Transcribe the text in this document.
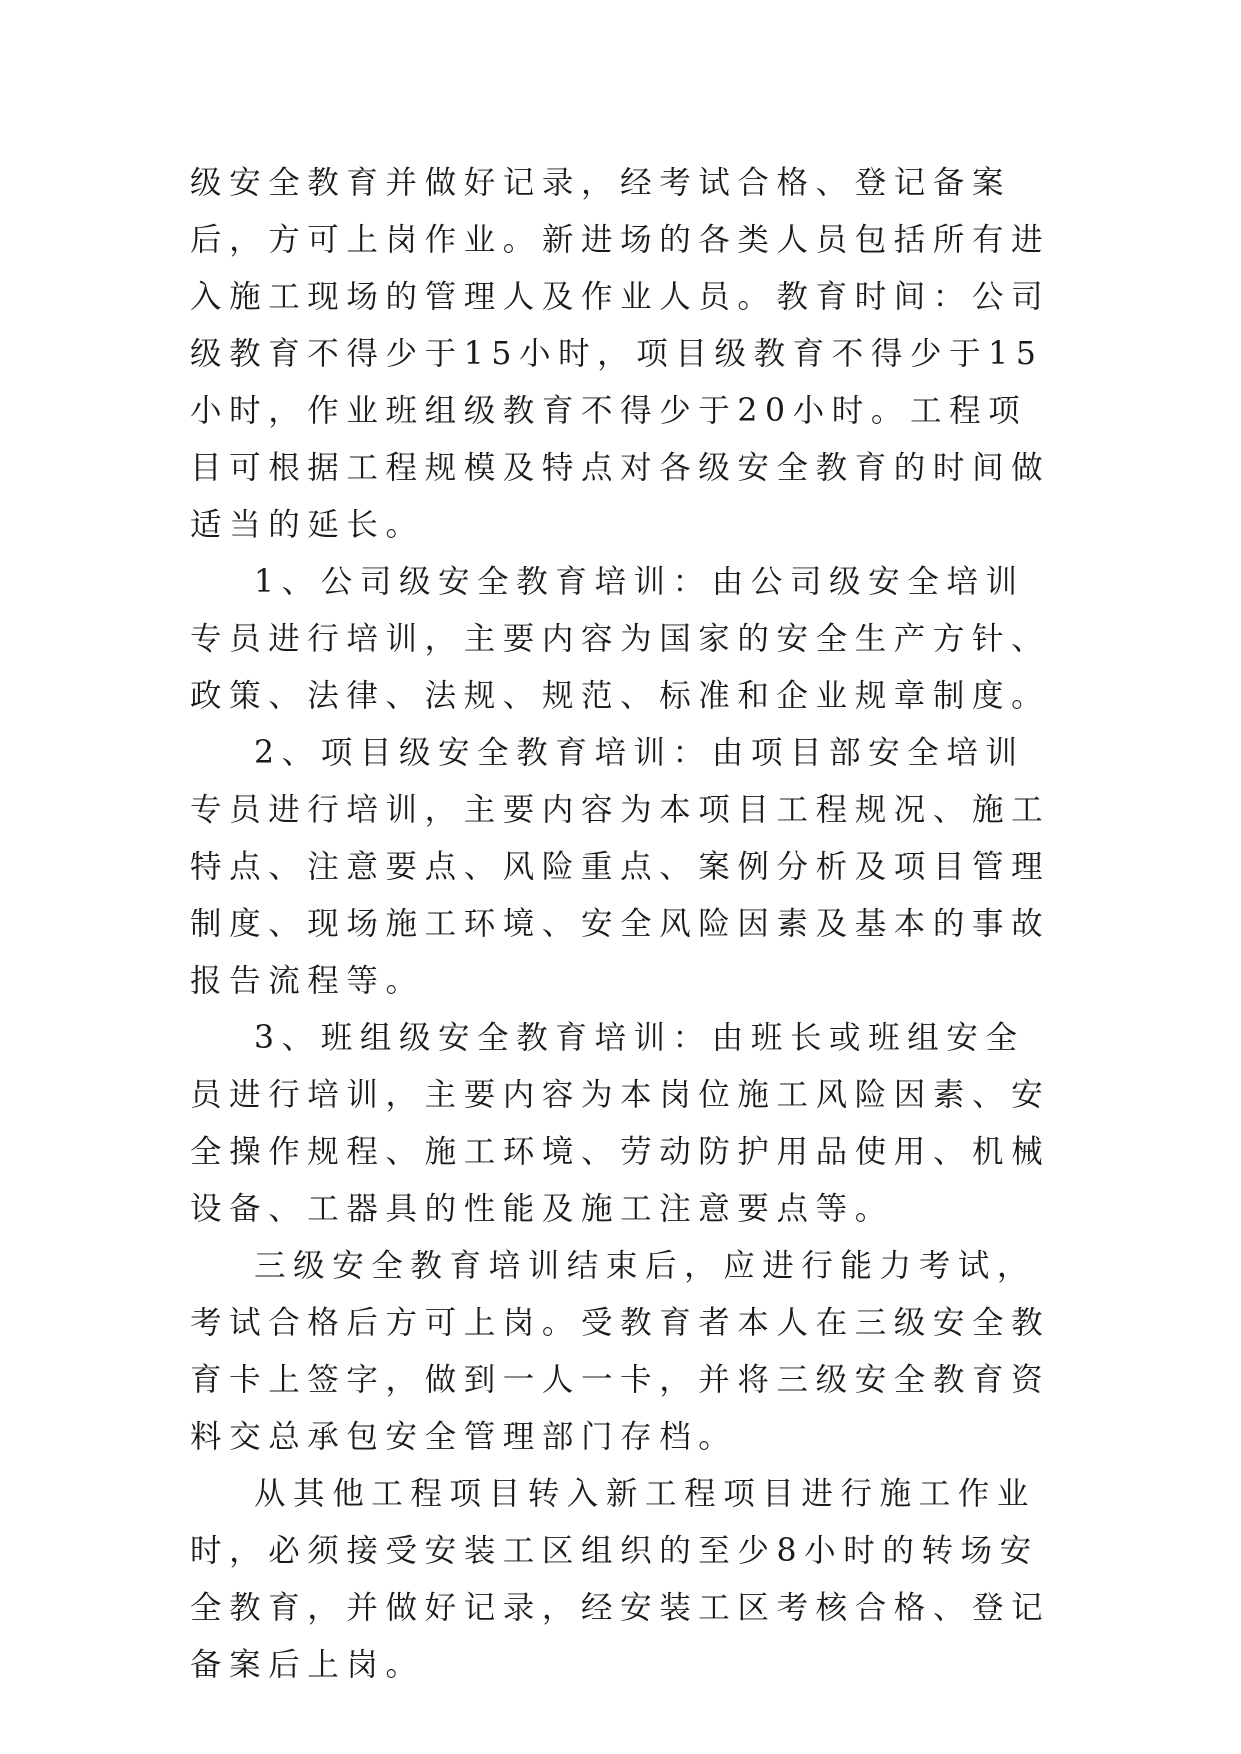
级安全教育并做好记录，经考试合格、登记备案后，方可上岗作业。新进场的各类人员包括所有进入施工现场的管理人及作业人员。教育时间：公司级教育不得少于15小时，项目级教育不得少于15小时，作业班组级教育不得少于20小时。工程项目可根据工程规模及特点对各级安全教育的时间做适当的延长。

1、公司级安全教育培训：由公司级安全培训专员进行培训，主要内容为国家的安全生产方针、政策、法律、法规、规范、标准和企业规章制度。

2、项目级安全教育培训：由项目部安全培训专员进行培训，主要内容为本项目工程规况、施工特点、注意要点、风险重点、案例分析及项目管理制度、现场施工环境、安全风险因素及基本的事故报告流程等。

3、班组级安全教育培训：由班长或班组安全员进行培训，主要内容为本岗位施工风险因素、安全操作规程、施工环境、劳动防护用品使用、机械设备、工器具的性能及施工注意要点等。

三级安全教育培训结束后，应进行能力考试，考试合格后方可上岗。受教育者本人在三级安全教育卡上签字，做到一人一卡，并将三级安全教育资料交总承包安全管理部门存档。

从其他工程项目转入新工程项目进行施工作业时，必须接受安装工区组织的至少8小时的转场安全教育，并做好记录，经安装工区考核合格、登记备案后上岗。
